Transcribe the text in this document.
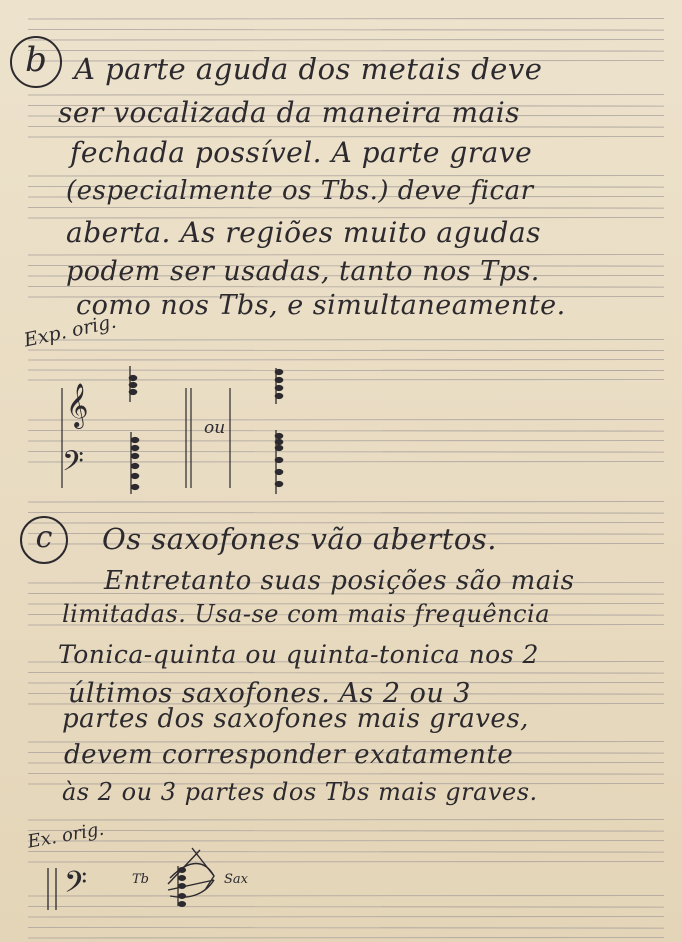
𝄞
𝄢
𝄢
b A parte aguda dos metais deve
ser vocalizada da maneira mais
fechada possível. A parte grave
(especialmente os Tbs.) deve ficar
aberta. As regiões muito agudas
podem ser usadas, tanto nos Tps.
como nos Tbs, e simultaneamente.
Exp. orig.
ou
c	Os saxofones vão abertos.
Entretanto suas posições são mais
limitadas. Usa-se com mais frequência
Tonica-quinta ou quinta-tonica nos 2
últimos saxofones. As 2 ou 3
partes dos saxofones mais graves,
devem corresponder exatamente
às 2 ou 3 partes dos Tbs mais graves.
Ex. orig.
Tb	Sax
